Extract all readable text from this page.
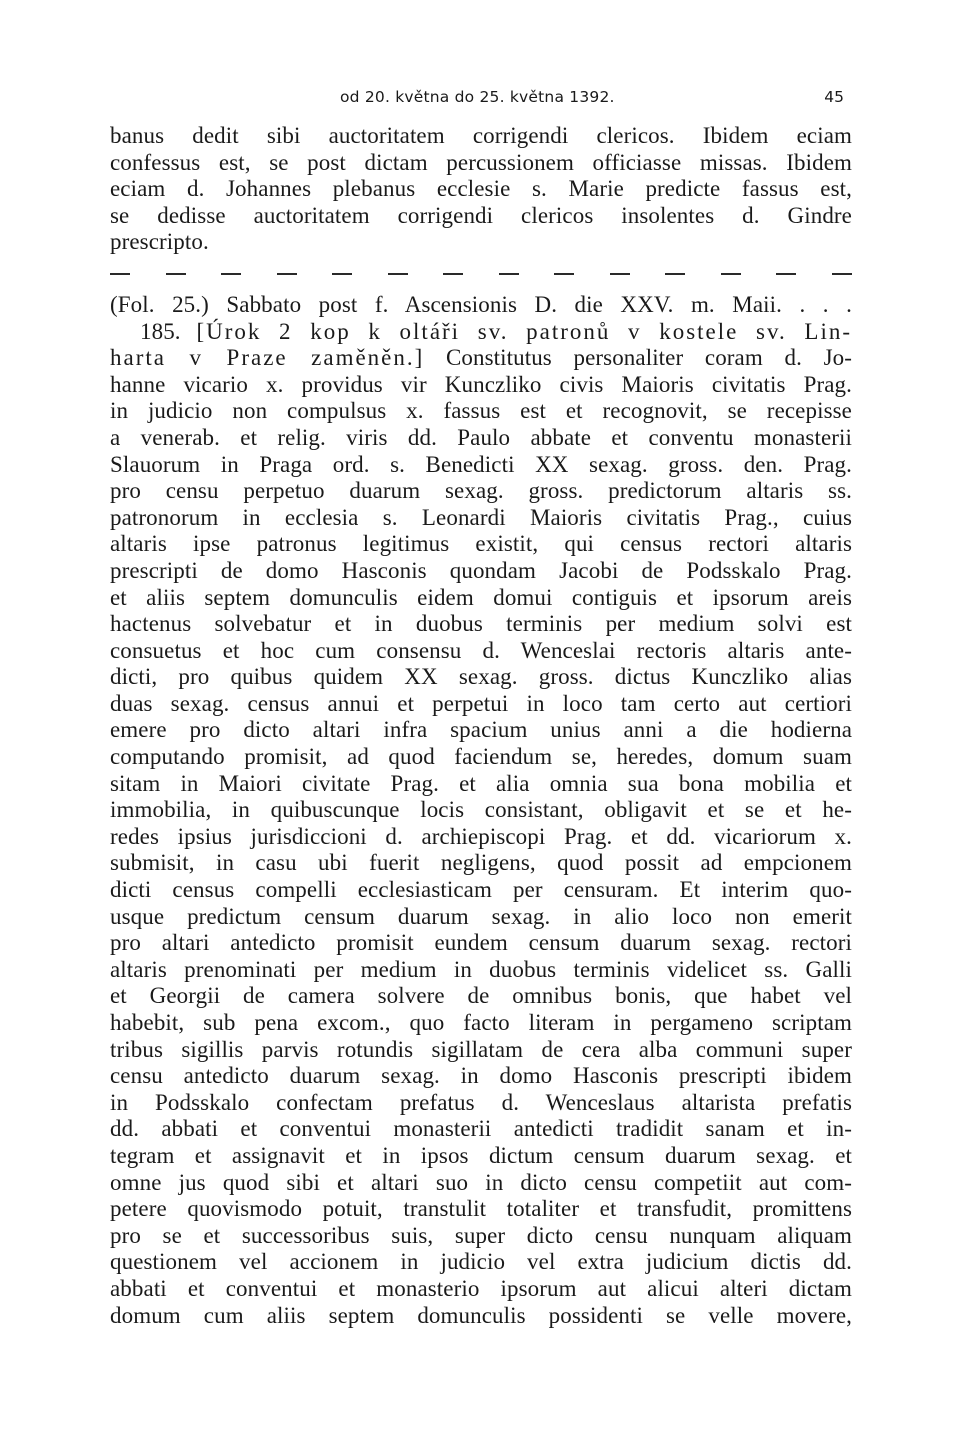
od 20. května do 25. května 1392.	45
banus dedit sibi auctoritatem corrigendi clericos. Ibidem eciam
confessus est, se post dictam percussionem officiasse missas. Ibidem
eciam d. Johannes plebanus ecclesie s. Marie predicte fassus est,
se dedisse auctoritatem corrigendi clericos insolentes d. Gindre
prescripto.
(Fol. 25.) Sabbato post f. Ascensionis D. die XXV. m. Maii. . . .
185. [Úrok 2 kop k oltáři sv. patronů v kostele sv. Lin-
harta v Praze zaměněn.] Constitutus personaliter coram d. Jo-
hanne vicario x. providus vir Kunczliko civis Maioris civitatis Prag.
in judicio non compulsus x. fassus est et recognovit, se recepisse
a venerab. et relig. viris dd. Paulo abbate et conventu monasterii
Slauorum in Praga ord. s. Benedicti XX sexag. gross. den. Prag.
pro censu perpetuo duarum sexag. gross. predictorum altaris ss.
patronorum in ecclesia s. Leonardi Maioris civitatis Prag., cuius
altaris ipse patronus legitimus existit, qui census rectori altaris
prescripti de domo Hasconis quondam Jacobi de Podsskalo Prag.
et aliis septem domunculis eidem domui contiguis et ipsorum areis
hactenus solvebatur et in duobus terminis per medium solvi est
consuetus et hoc cum consensu d. Wenceslai rectoris altaris ante-
dicti, pro quibus quidem XX sexag. gross. dictus Kunczliko alias
duas sexag. census annui et perpetui in loco tam certo aut certiori
emere pro dicto altari infra spacium unius anni a die hodierna
computando promisit, ad quod faciendum se, heredes, domum suam
sitam in Maiori civitate Prag. et alia omnia sua bona mobilia et
immobilia, in quibuscunque locis consistant, obligavit et se et he-
redes ipsius jurisdiccioni d. archiepiscopi Prag. et dd. vicariorum x.
submisit, in casu ubi fuerit negligens, quod possit ad empcionem
dicti census compelli ecclesiasticam per censuram. Et interim quo-
usque predictum censum duarum sexag. in alio loco non emerit
pro altari antedicto promisit eundem censum duarum sexag. rectori
altaris prenominati per medium in duobus terminis videlicet ss. Galli
et Georgii de camera solvere de omnibus bonis, que habet vel
habebit, sub pena excom., quo facto literam in pergameno scriptam
tribus sigillis parvis rotundis sigillatam de cera alba communi super
censu antedicto duarum sexag. in domo Hasconis prescripti ibidem
in Podsskalo confectam prefatus d. Wenceslaus altarista prefatis
dd. abbati et conventui monasterii antedicti tradidit sanam et in-
tegram et assignavit et in ipsos dictum censum duarum sexag. et
omne jus quod sibi et altari suo in dicto censu competiit aut com-
petere quovismodo potuit, transtulit totaliter et transfudit, promittens
pro se et successoribus suis, super dicto censu nunquam aliquam
questionem vel accionem in judicio vel extra judicium dictis dd.
abbati et conventui et monasterio ipsorum aut alicui alteri dictam
domum cum aliis septem domunculis possidenti se velle movere,
